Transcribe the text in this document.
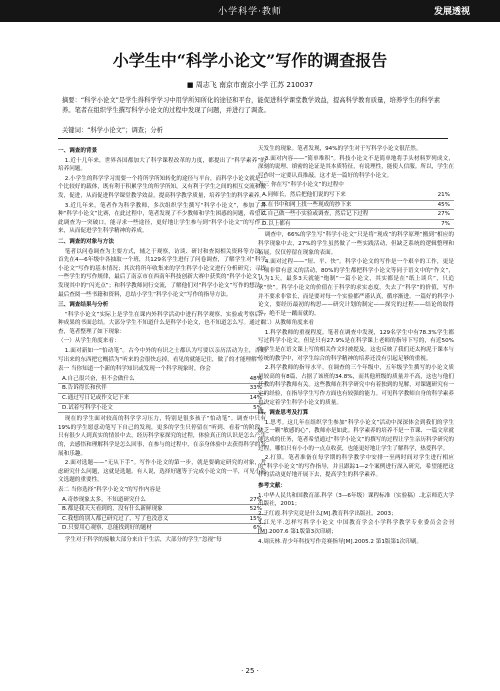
小学科学·教师	发展透视
小学生中“科学小论文”写作的调查报告
■ 周志飞 南京市南京小学 江苏 210037
摘要：“科学小论文”是学生得科学学习中用学所知所化的途径和平台，能促进科学课堂教学效益，提高科学教育质量，培养学生的科学素养。笔者在组织学生撰写科学小论文的过程中发现了问题，并进行了调查。
关键词：“科学小论文”；调查；分析

一、调查的背景

1.近十几年来，世界各国都加大了科学课程改革的力度，都提出了“科学素养”的培养问题。

2.小学生的科学学习需要一个将所学所知转化的途径与平台，而科学小论文就是一个比较好的载体，既有利于积累学生的所学所知，又有利于学生之间的相互交流和激发，促进，从而促进科学课堂教学效益，提高科学教学质量，培养学生的科学素养。

3.近几年来，笔者作为科学教师，多次组织学生撰写“科学小论文”，参加了各种“科学小论文”比赛，在此过程中，笔者发现了不少教师和学生困惑的问题，希望以此调查为一突破口，能寻求一些途径，更好地让学生参与到“科学小论文”的写作上来，从而促进学生科学精神的养成。

二、调查的对象与方法

笔者以问卷调查为主要方式，辅之于观察，访谈、研讨和查阅相关资料等方法。首先在4—6年级中各抽取一个班，共129名学生进行了问卷调查，了解学生对“科学小论文”写作的基本情况；其次将所年收集来的学生科学小论文进行分析研究；寻找一些学生的写作规律，最后了南京市在西南年科技创新大赛中获奖的“科学小论文”，发现其中的“闪光点”；和科学教师同行交流，了解他们对“科学小论文”写作的想法；最后查阅一些书籍和资料，总结小学生“科学小论文”写作的指导方法。

三、调查结果与分析

“科学小论文”实际上是学生在课内外科学活动中进行科学观察、实验或考察后一种成果的书面总结。大部分学生不知道什么是科学小论文，也不知道怎么写。通过调查，笔者整理了如下现象：

（一）从学生角度来看：

1.面对新如一“怕动笔”。古今中外的有识之士都认为写要以亲历活动为主，否则写出来的东西把它概括为“听来的会很快忘掉，看见的就能记住，做了的才能理解”。

表一 当你知道一个新的科学知识或发现一个科学现象时，你会

A.自己很兴奋，但不会做什么	48%
B.告诉得长和伙伴	33%
C.通过写日记或作文记下来	14%
D.试着写科学小论文	5%

现在的学生面对较高的科学学习压力，特别是很多孩子“怕动笔”。调查中只有19%的学生愿意动笔写下自己的发现，更多的学生只停留在“听到、看着”的阶段，只有很少人到真实的情景中去，经历科学家探究的过程，体验真正的认识是怎么产生的，去感悟和理解科学是怎么回事，在参与的过程中，在亲身体验中去获得科学的发展和乐趣。

2.面对选题——“无从下手”。写作小论文的第一步，就是要确定研究的对象，考虑研究什么问题，这就是选题。有人说，选择好题等于完成小论文的一半，可见小论文选题的重要性。

表二 当你选择“科学小论文”的写作内容是

A.奇妙现象太多，不知道研究什么	27%
B.都是我天天看到的，没有什么新鲜现象	52%
C.我想的别人都已研究过了，写了也没意义	15%
D.只要用心观察，总能找到好的题材	6%

学生对于科学的接触大部分来自于生活，大部分的学生“忽视”每

天发生的现象。笔者发现，94%的学生对于写科学小论文很茫然。

3.面对内容——“简单堆积”。科技小论文不是简单地将手头材料罗列成文，深刻的说理、缜密的论证是其本质特征，有说理性，能使人信服。所以，学生在写作时一定要认真推敲，这才是一篇好的科学小论文。

表三 你在写“科学小论文”的过程中

A.同师长，然后把他们说的写下来	21%
B.在书中和网上找一些现成的抄下来	45%
C.自己做一些小实验或调查，然后记下过程	27%
D.以上都有	7%

调查中，66%的学生写“科学小论文”只是将“现成”的科学原理“搬到”相应的科学现象中去，27%的学生虽然做了一些实践活动，但缺乏系统的逻辑整理和拓展，仅仅停留在现象的表面。

4.面对过程——“短、平、快”。科学小论文的写作是一个艰辛的工作，更是一项非常有意义的活动，80%的学生都把科学小论文等同于语文中的“作文”，认为1天，最多3天就能“炮制”一篇小论文，其实都是在“纸上谈兵”，只追求“快”。科学小论文的价值在于科学的求实态度，失去了“科学”的价值，写作并不要求非常长，而是要对每一个实验都严谨认真，循序渐进。一篇好的科学小论文，要经历最初的构思——研究计划的制定——探究的过程——结论的取得等，绝不是一蹴而就的。

（二）从教师角度来看

1.科学教师的重视程度。笔者在调查中发现，129名学生中有78.3%学生都写过科学小论文，但是只有27.9%是在科学课上老师的指导下写的，有近50%的学生是在语文课上写的相关作文时被提及。这也反映了我们还太拘泥于课本与传统的教学中，对学生综合的科学精神的培养还没有引起足够的重视。

2.科学教师的指导水平。在调查的三个年级中，五年级学生撰写的小论文质量较高的有8篇，占据了该班的34.8%，而其他班级的质量并不高，这也与他们任教的科学教师有关。这些教师在科学研究中有着独到的见解，对课题研究有一定的经验，在指导学生写作方面也有较强的能力。可见科学教师自身的科学素养也决定着学生科学小论文的质量。

四、调查思考及打算

1.思考。这几年在组织学生参加“科学小论文”活动中深深体会到我们的学生缺乏一颗“敏感的心”，教师亦是如此。科学素养的培养不是一节课、一篇文章就能达成的任务，笔者希望通过“科学小论文”的撰写的过程让学生亲历科学研究的过程，哪怕只有小小的一点点收获，也能更好地让学生了解科学，热爱科学。

2.打算。笔者准备在每学期的科学教学中安排一至两时间对学生进行相应的“科学小论文”的写作指导，并且跟踪1—2个案例进行深入研究，希望能把这样的活动更好地开展下去，提高学生的科学素养。

参考文献：

1.中华人民共和国教育部.科学（3—6年级）课程标准（实验稿）.北京师范大学出版社，2001；

2.王红霞.科学究竟是什么[M].教育科学出版社，2003；

3.江光平.怎样写科学小论文 中国教育学会小学科学教学专业委员会会刊[M].2007.6 第1版第3次印刷；

4.周庆林.青少年科技写作竞赛指导[M].2005.2 第1版第1次印刷。

· 25 ·
